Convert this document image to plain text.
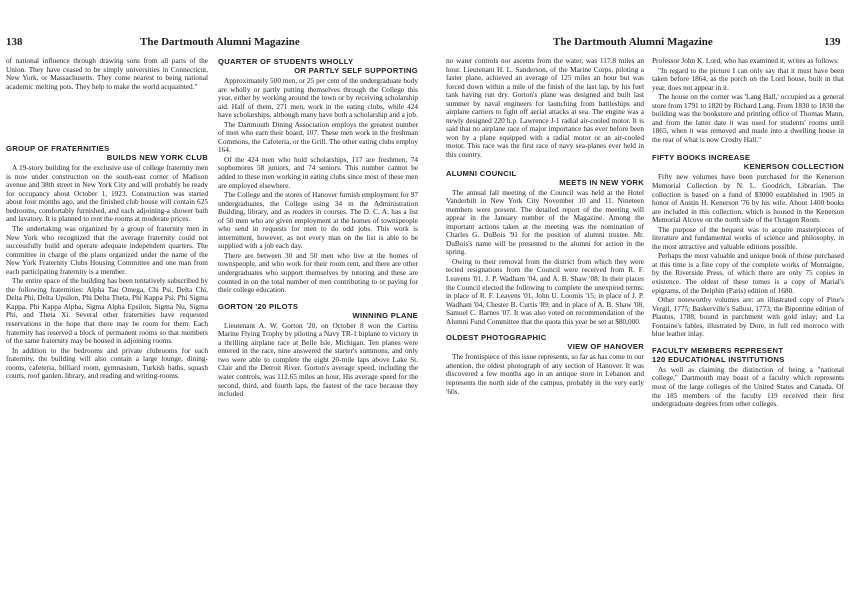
138	The Dartmouth Alumni Magazine

of national influence through drawing sons from all parts of the Union. They have ceased to be simply universities in Connecticut, New York, or Massachusetts. They come nearest to being national academic melting pots. They help to make the world acquainted."

GROUP OF FRATERNITIES
BUILDS NEW YORK CLUB

A 19-story building for the exclusive use of college fraternity men is now under construction on the south-east corner of Madison avenue and 38th street in New York City and will probably be ready for occupancy about October 1, 1923. Construction was started about four months ago, and the finished club house will contain 625 bedrooms, comfortably furnished, and each adjoining-a shower bath and lavatory. It is planned to rent the rooms at moderate prices.

The undertaking was organized by a group of fraternity men in New York who recognized that the average fraternity could not successfully build and operate adequate independent quarters. The committee in charge of the plans organized under the name of the New York Fraternity Clubs Housing Committee and one man from each participating fraternity is a member.

The entire space of the building has been tentatively subscribed by the following fraternities: Alpha Tau Omega, Chi Psi, Delta Chi, Delta Phi, Delta Upsilon, Phi Delta Theta, Phi Kappa Psi, Phi Sigma Kappa, Phi Kappa Alpha, Sigma Alpha Epsilon, Sigma Nu, Sigma Phi, and Theta Xi. Several other fraternities have requested reservations in the hope that there may be room for them. Each fraternity has reserved a block of permanent rooms so that members of the same fraternity may be housed in adjoining rooms.

In addition to the bedrooms and private clubrooms for each fraternity, the building will also contain a large lounge, dining-rooms, cafeteria, billiard room, gymnasium, Turkish baths, squash courts, roof garden, library, and reading and writing-rooms.

QUARTER OF STUDENTS WHOLLY
OR PARTLY SELF SUPPORTING

Approximately 500 men, or 25 per cent of the undergraduate body are wholly or partly putting themselves through the College this year, either by working around the town or by receiving scholarship aid. Half of them, 271 men, work in the eating clubs, while 424 have scholarships, although many have both a scholarship and a job.

The Dartmouth Dining Association employs the greatest number of men who earn their board, 107. These men work in the freshman Commons, the Cafeteria, or the Grill. The other eating clubs employ 164.

Of the 424 men who hold scholarships, 117 are freshmen, 74 sophomores 58 juniors, and 74 seniors. This number cannot be added to these men working in eating clubs since most of these men are employed elsewhere.

The College and the stores of Hanover furnish employment for 97 undergraduates, the College using 34 in the Administration Building, library, and as readers in courses. The D. C. A. has a list of 50 men who are given employment at the homes of townspeople who send in requests for men to do odd jobs. This work is intermittent, however, as not every man on the list is able to be supplied with a job each day.

There are between 30 and 50 men who live at the homes of townspeople, and who work for their room rent, and there are other undergraduates who support themselves by tutoring and these are counted in on the total number of men contributing to or paying for their college education.

GORTON '20 PILOTS
WINNING PLANE

Lieutenant A. W. Gorton '20, on October 8 won the Curtiss Marine Flying Trophy by piloting a Navy TR-1 biplane to victory in a thrilling airplane race at Belle Isle, Michigan. Ten planes were entered in the race, nine answered the starter's summons, and only two were able to complete the eight 20-mile laps above Lake St. Clair and the Detroit River. Gorton's average speed, including the water controls, was 112.65 miles an hour, His average speed for the second, third, and fourth laps, the fastest of the race because they included

The Dartmouth Alumni Magazine	139

no water controls nor ascents from the water, was 117.8 miles an hour. Lieutenant H. L. Sanderson, of the Marine Corps, piloting a faster plane, achieved an average of 125 miles an hour but was forced down within a mile of the finish of the last lap, by his fuel tank having run dry. Gorton's plane was designed and built last summer by naval engineers for launching from battleships and airplane carriers to fight off aerial attacks at sea. The engine was a newly designed 220 h.p. Lawrence J-1 radial air-cooled motor. It is said that no airplane race of major importance has ever before been won by a plane equipped with a radial motor or an air-cooled motor. This race was the first race of navy sea-planes ever held in this country.

ALUMNI COUNCIL
MEETS IN NEW YORK

The annual fall meeting of the Council was held at the Hotel Vanderbilt in New York City November 10 and 11. Nineteen members were present. The detailed report of the meeting will appear in the January number of the Magazine. Among the important actions taken at the meeting was the nomination of Charles G. DuBois '91 for the position of alumni trustee. Mr. DuBois's name will be presented to the alumni for action in the spring.

Owing to their removal from the district from which they were tected resignations from the Council were received from R. F. Leavens '01, J. P. Wadham '04, and A. B. Shaw '08. In their places the Council elected the following to complete the unexpired terms: in place of R. F. Leavens '01, John U. Loomis '15; in place of J. P. Wadham '04, Chester B. Curtis '89; and in place of A. B. Shaw '08, Samuel C. Barnes '07. It was also voted on recommendation of the Alumni Fund Committee that the quota this year be set at $80,000.

OLDEST PHOTOGRAPHIC
VIEW OF HANOVER

The frontispiece of this issue represents, so far as has come to our attention, the oldest photograph of any section of Hanover. It was discovered a few months ago in an antique store in Lebanon and represents the north side of the campus, probably in the very early '60s.

Professor John K. Lord, who has examined it, writes as follows:

"In regard to the picture I can only say that it must have been taken before 1864, as the porch on the Lord house, built in that year, does not appear in it.

The house on the corner was 'Lang Hall,' occupied as a general store from 1791 to 1820 by Richard Lang. From 1830 to 1838 the building was the bookstore and printing office of Thomas Mann, and from the latter date it was used for students' rooms until 1865, when it was removed and made into a dwelling house in the rear of what is now Crosby Hall."

FIFTY BOOKS INCREASE
KENERSON COLLECTION

Fifty new volumes have been purchased for the Kenerson Memorial Collection by N. L. Goodrich, Librarian. The collection is based on a fund of $3000 established in 1905 in honor of Austin H. Kenerson '76 by his wife. About 1400 books are included in this collection, which is housed in the Kenerson Memorial Alcove on the north side of the Octagon Room.

The purpose of the bequest was to acquire masterpieces of literature and fundamental works of science and philosophy, in the most attractive and valuable editions possible.

Perhaps the most valuable and unique book of those purchased at this time is a fine copy of the complete works of Montaigne, by the Riverside Press, of which there are only 75 copies in existence. The oldest of these tomes is a copy of Marial's epigrams, of the Delphin (Paris) edition of 1680.

Other noteworthy volumes are: an illustrated copy of Pine's Vergil, 1775; Baskerville's Sallust, 1773; the Bipontine edition of Plautus, 1788, bound in parchment with gold inlay; and La Fontaine's fables, illustrated by Dore, in full red morroco with blue leather inlay.

FACULTY MEMBERS REPRESENT
120 EDUCATIONAL INSTITUTIONS

As well as claiming the distinction of being a "national college," Dartmouth may boast of a faculty which represents most of the large colleges of the United States and Canada. Of the 185 members of the faculty 119 received their first undergraduate degrees from other colleges.
